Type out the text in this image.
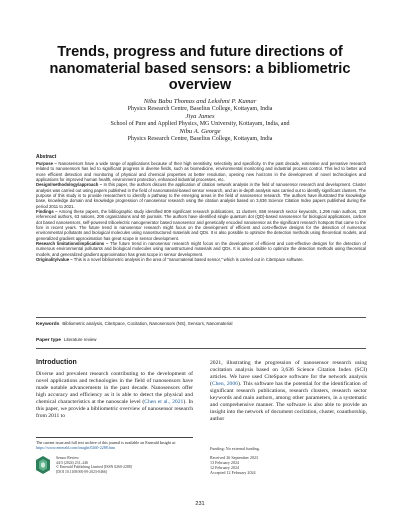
Trends, progress and future directions of nanomaterial based sensors: a bibliometric overview
Nibu Babu Thomas and Lekshmi P. Kumar
Physics Research Centre, Baselius College, Kottayam, India
Jiya James
School of Pure and Applied Physics, MG University, Kottayam, India, and
Nibu A. George
Physics Research Centre, Baselius College, Kottayam, India
Abstract

Purpose – Nanosensors have a wide range of applications because of their high sensitivity, selectivity and specificity. In the past decade, extensive and pervasive research related to nanosensors has led to significant progress in diverse fields, such as biomedicine, environmental monitoring and industrial process control. This led to better and more efficient detection and monitoring of physical and chemical properties at better resolution, opening new horizons in the development of novel technologies and applications for improved human health, environment protection, enhanced industrial processes, etc.

Design/methodology/approach – In this paper, the authors discuss the application of citation network analysis in the field of nanosensor research and development. Cluster analysis was carried out using papers published in the field of nanomaterial-based sensor research, and an in-depth analysis was carried out to identify significant clusters. The purpose of this study is to provide researchers to identify a pathway to the emerging areas in the field of nanosensor research. The authors have illustrated the knowledge base, knowledge domain and knowledge progression of nanosensor research using the citation analysis based on 3,636 Science Citation Index papers published during the period 2011 to 2021.

Findings – Among these papers, the bibliographic study identified 809 significant research publications, 11 clusters, 556 research sector keywords, 1,296 main authors, 139 referenced authors, 63 nations, 206 organizations and 60 journals. The authors have identified single quantum dot (QD)-based nanosensor for biological applications, carbon dot based nanosensors, self-powered triboelectric nanogenerator based nanosensor and genetically encoded nanosensor as the significant research hotspots that came to the fore in recent years. The future trend in nanosensor research might focus on the development of efficient and cost-effective designs for the detection of numerous environmental pollutants and biological molecules using nanostructured materials and QDs. It is also possible to optimize the detection methods using theoretical models, and generalized gradient approximation has great scope in sensor development.

Research limitations/implications – The future trend in nanosensor research might focus on the development of efficient and cost-effective designs for the detection of numerous environmental pollutants and biological molecules using nanostructured materials and QDs. It is also possible to optimize the detection methods using theoretical models, and generalized gradient approximation has great scope in sensor development.

Originality/value – This is a novel bibliometric analysis in the area of "nanomaterial based sensor," which is carried out in CiteSpace software.

Keywords Bibliometric analysis, CiteSpace, Cocitation, Nanosensors (NS), Sensors, Nanomaterial
Paper type Literature review
Introduction

Diverse and prevalent research contributing to the development of novel applications and technologies in the field of nanosensors have made notable advancements in the past decade. Nanosensors offer high accuracy and efficiency as it is able to detect the physical and chemical characteristics at the nanoscale level (Chen et al., 2021). In this paper, we provide a bibliometric overview of nanosensor research from 2011 to

2021, illustrating the progression of nanosensor research using cocitation analysis based on 3,636 Science Citation Index (SCI) articles. We have used CiteSpace software for the network analysis (Chen, 2006). This software has the potential for the identification of significant research publications, research clusters, research sector keywords and main authors, among other parameters, in a systematic and comprehensive manner. The software is also able to provide an insight into the network of document cocitation, cluster, coauthorship, author

The current issue and full text archive of this journal is available on Emerald Insight at: https://www.emerald.com/insight/0260-2288.htm
Sensor Review
44/3 (2024) 231–246
© Emerald Publishing Limited [ISSN 0260-2288]
[DOI 10.1108/SR-09-2023-0466]
Funding: No external funding.
Received 26 September 2023
13 February 2024
12 February 2024
Accepted 12 February 2024
231
